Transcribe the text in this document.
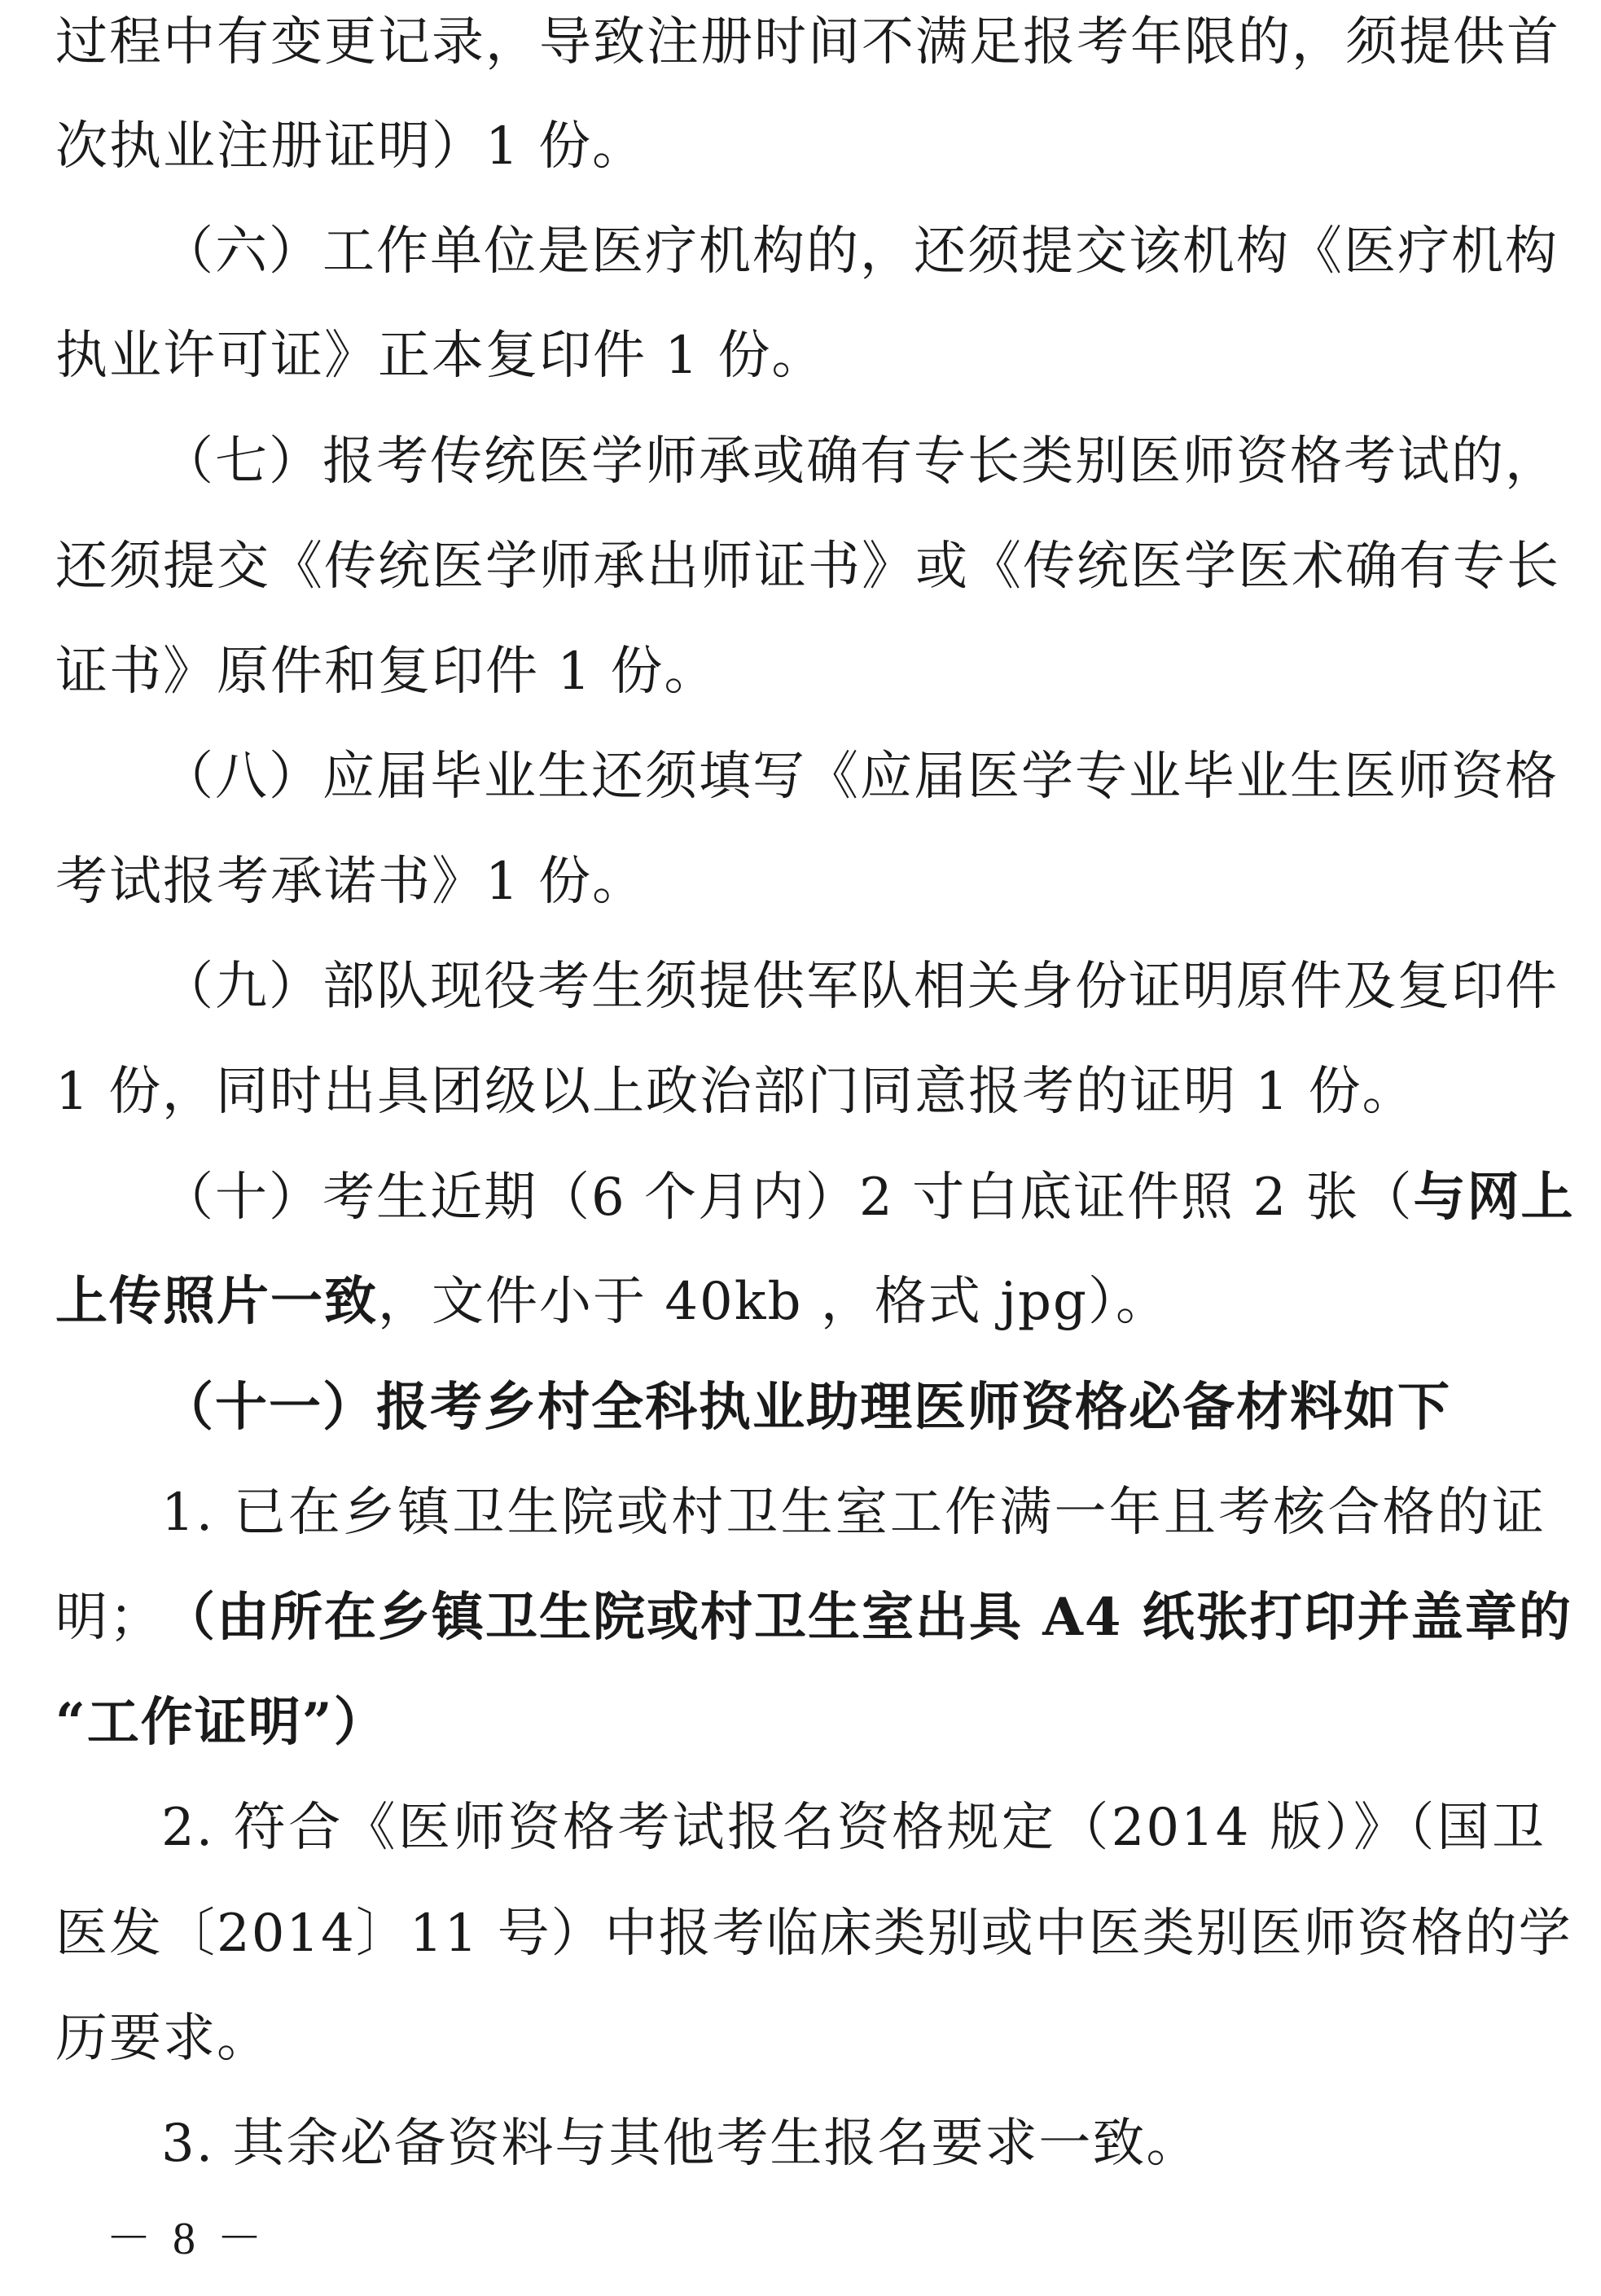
过程中有变更记录，导致注册时间不满足报考年限的，须提供首
次执业注册证明）1 份。
（六）工作单位是医疗机构的，还须提交该机构《医疗机构
执业许可证》正本复印件 1 份。
（七）报考传统医学师承或确有专长类别医师资格考试的，
还须提交《传统医学师承出师证书》或《传统医学医术确有专长
证书》原件和复印件 1 份。
（八）应届毕业生还须填写《应届医学专业毕业生医师资格
考试报考承诺书》1 份。
（九）部队现役考生须提供军队相关身份证明原件及复印件
1 份，同时出具团级以上政治部门同意报考的证明 1 份。
（十）考生近期（6 个月内）2 寸白底证件照 2 张（ 与网上
上传照片一致，文件小于 40kb ，格式 jpg）。
（十一）报考乡村全科执业助理医师资格必备材料如下
1. 已在乡镇卫生院或村卫生室工作满一年且考核合格的证
明； （由所在乡镇卫生院或村卫生室出具 A4 纸张打印并盖章的
“工作证明”）
2. 符合《医师资格考试报名资格规定（2014 版）》（国卫
医发〔2014〕11 号）中报考临床类别或中医类别医师资格的学
历要求。
3. 其余必备资料与其他考生报名要求一致。
－ 8 －
